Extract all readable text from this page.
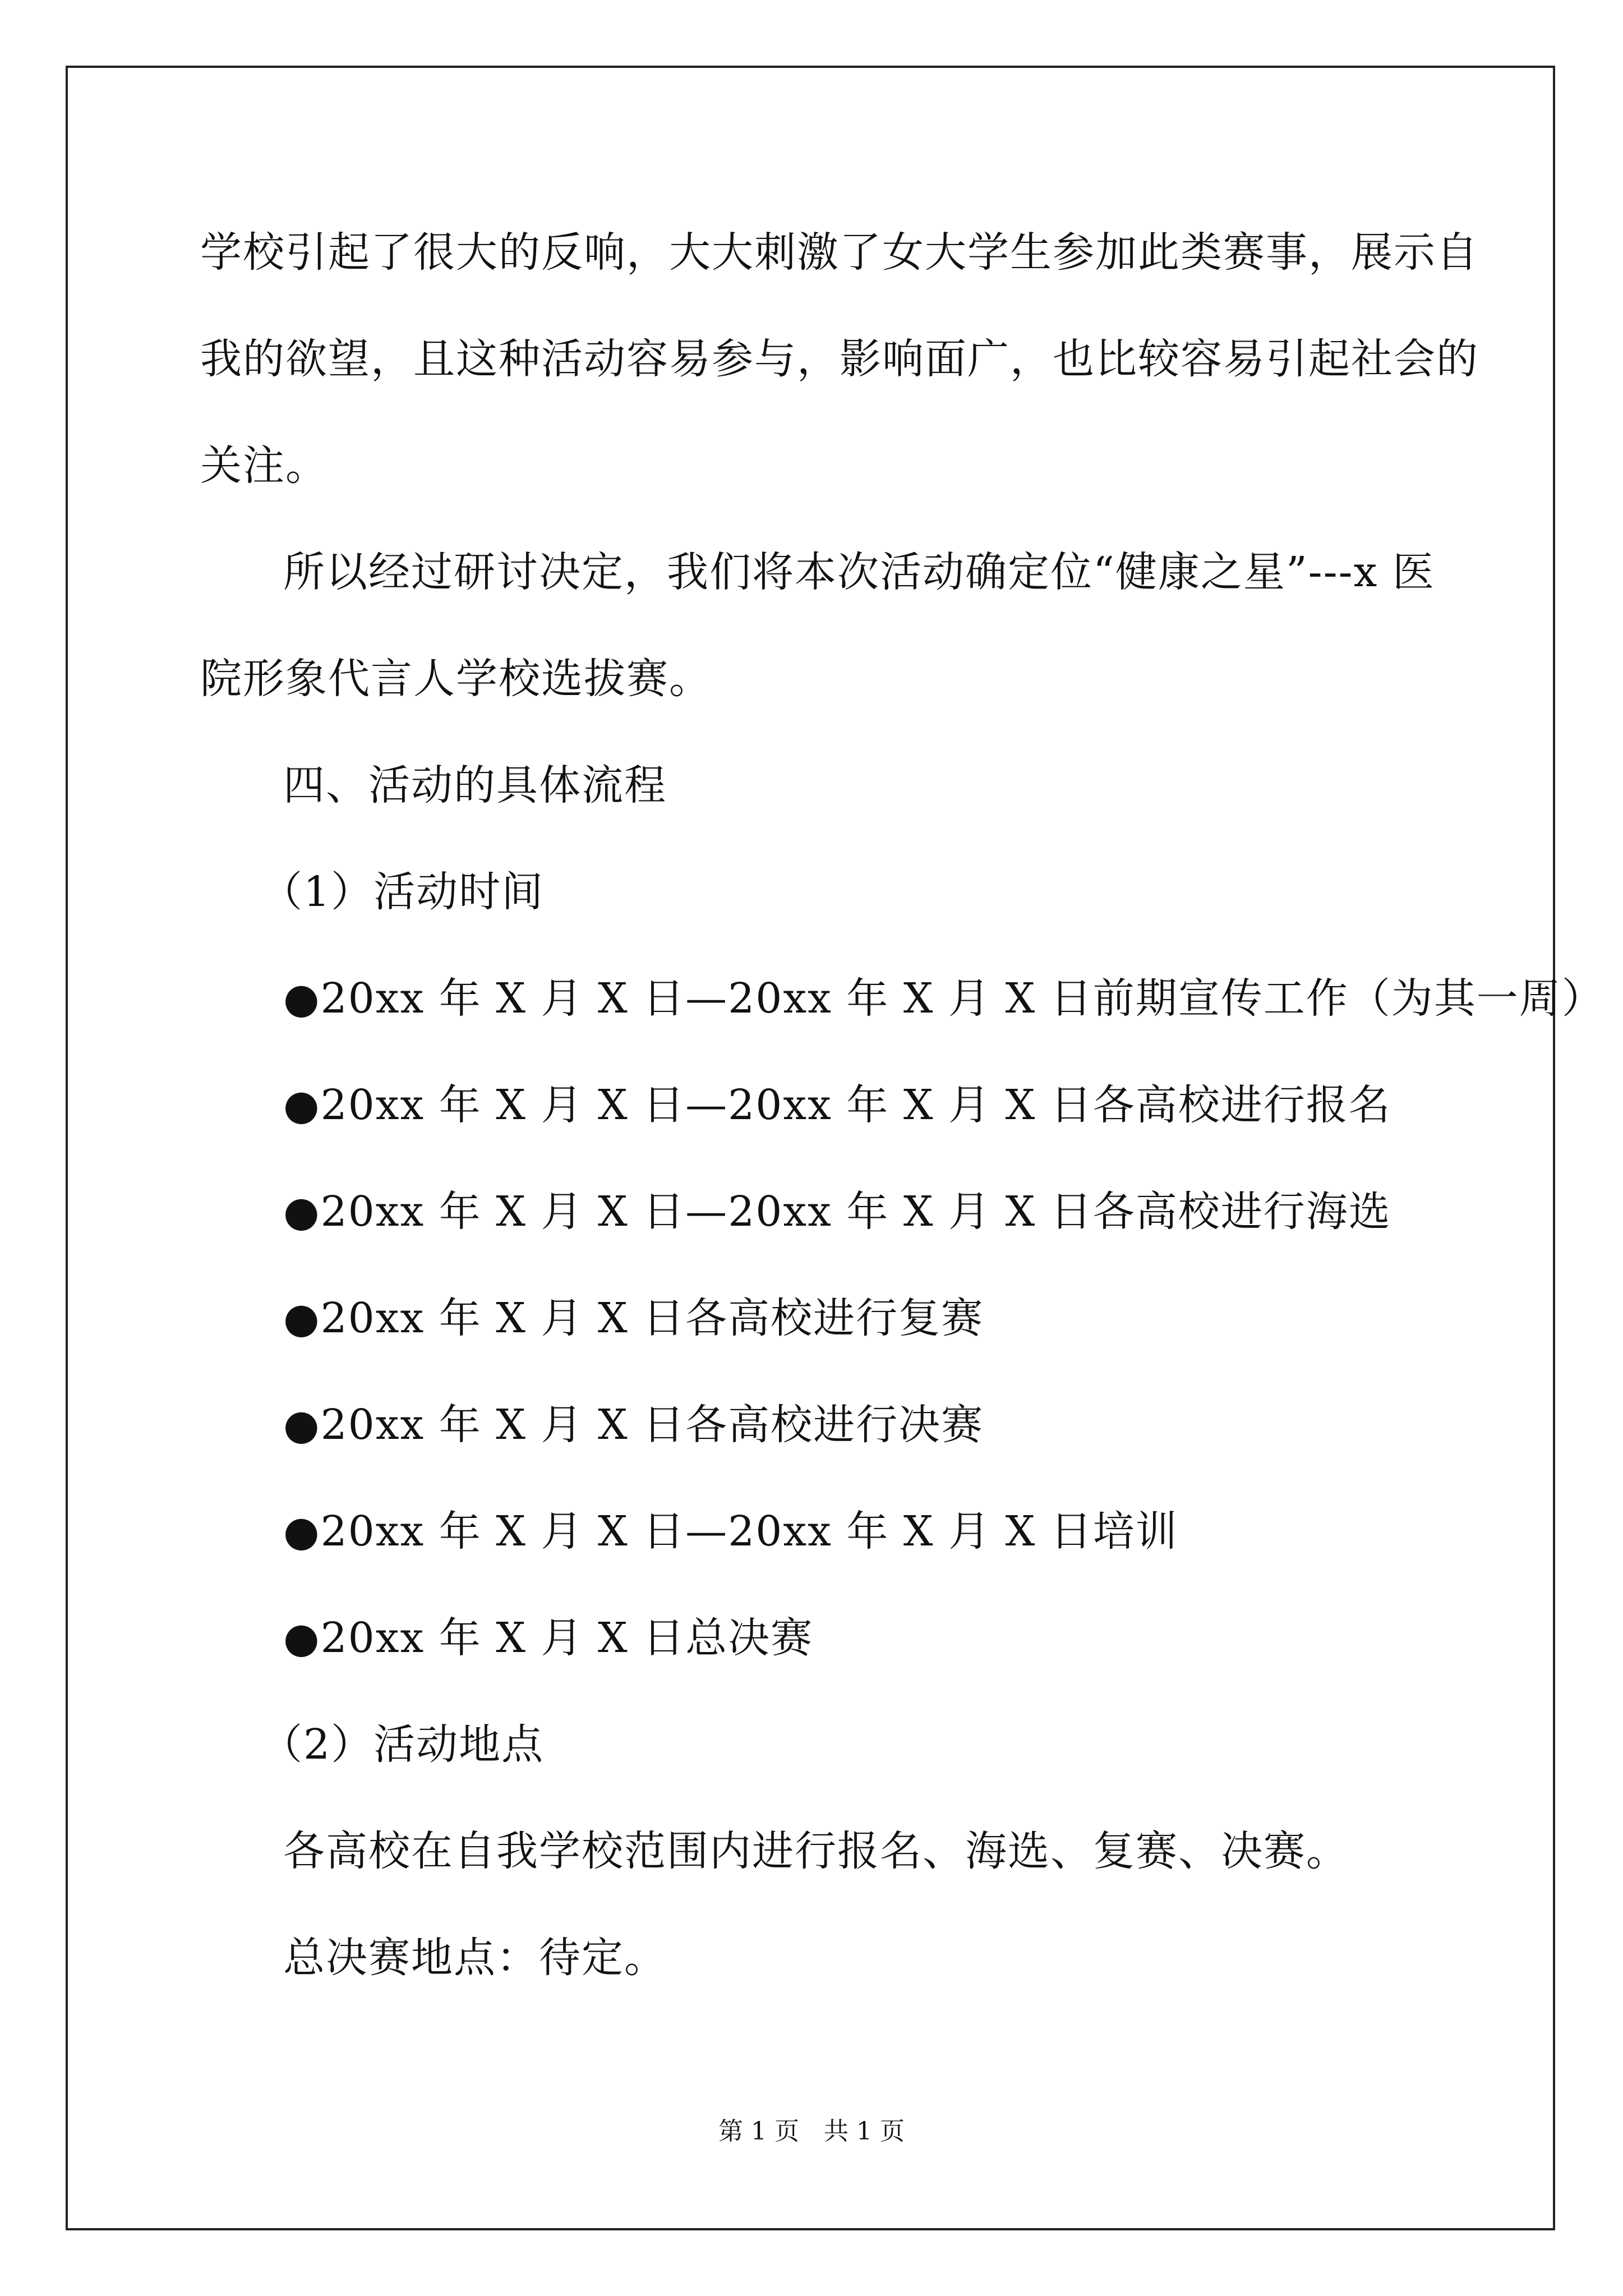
学校引起了很大的反响，大大刺激了女大学生参加此类赛事，展示自
我的欲望，且这种活动容易参与，影响面广，也比较容易引起社会的
关注。
所以经过研讨决定，我们将本次活动确定位“健康之星”---x 医
院形象代言人学校选拔赛。
四、活动的具体流程
（1）活动时间
●20xx 年 X 月 X 日—20xx 年 X 月 X 日前期宣传工作（为其一周）
●20xx 年 X 月 X 日—20xx 年 X 月 X 日各高校进行报名
●20xx 年 X 月 X 日—20xx 年 X 月 X 日各高校进行海选
●20xx 年 X 月 X 日各高校进行复赛
●20xx 年 X 月 X 日各高校进行决赛
●20xx 年 X 月 X 日—20xx 年 X 月 X 日培训
●20xx 年 X 月 X 日总决赛
（2）活动地点
各高校在自我学校范围内进行报名、海选、复赛、决赛。
总决赛地点：待定。
第 1 页　共 1 页
